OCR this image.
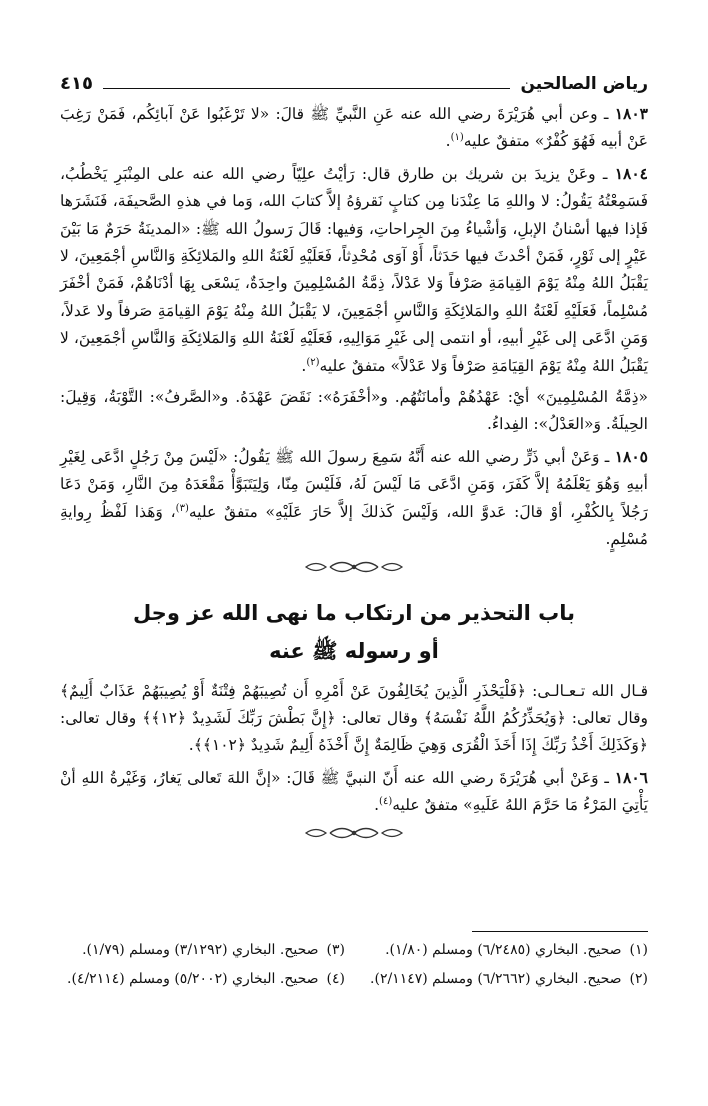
رياض الصالحين
٤١٥

١٨٠٣ ـ وعن أبي هُرَيْرَةَ رضي الله عنه عَنِ النَّبيِّ ﷺ قالَ: «لا تَرْغَبُوا عَنْ آبائِكُم، فَمَنْ رَغِبَ عَنْ أبيه فَهُوَ كُفْرٌ» متفقٌ عليه$^{(١)}$.

١٨٠٤ ـ وعَنْ يزيدَ بن شريك بن طارق قال: رَأيْتُ علِيّاً رضي الله عنه على المِنْبَرِ يَخْطُبُ، فَسَمِعْتُهُ يَقُولُ: لا واللهِ مَا عِنْدَنا مِن كتابٍ نَقرؤهُ إلاَّ كتابَ الله، وَما في هذهِ الصَّحيفَة، فَنَشَرَها فَإذا فيها أسْنانُ الإبلِ، وَأشْياءُ مِنَ الجِراحاتِ، وَفيها: قَالَ رَسولُ الله ﷺ: «المدينَةُ حَرَمٌ مَا بَيْنَ عَيْرٍ إلى ثَوْرٍ، فَمَنْ أحْدثَ فيها حَدَثاً، أَوْ آوَى مُحْدِثاً، فَعَلَيْهِ لَعْنَةُ اللهِ والمَلائِكَةِ وَالنَّاسِ أجْمَعِينَ، لا يَقْبَلُ اللهُ مِنْهُ يَوْمَ القِيامَةِ صَرْفاً وَلا عَدْلاً، ذِمَّةُ المُسْلِمِينَ واحِدَةٌ، يَسْعَى بِهَا أدْنَاهُمْ، فَمَنْ أخْفَرَ مُسْلِماً، فَعَلَيْهِ لَعْنَةُ اللهِ والمَلائِكَةِ وَالنَّاسِ أجْمَعِينَ، لا يَقْبَلُ اللهُ مِنْهُ يَوْمَ القِيامَةِ صَرفاً ولا عَدلاً، وَمَنِ ادَّعَى إلى غَيْرِ أبيهِ، أو انتمى إلى غَيْرِ مَوَالِيهِ، فَعَلَيْهِ لَعْنَةُ اللهِ وَالمَلائِكَةِ وَالنَّاسِ أجْمَعِينَ، لا يَقْبَلُ اللهُ مِنْهُ يَوْمَ القِيَامَةِ صَرْفاً وَلا عَدْلاً» متفقٌ عليه$^{(٢)}$.

«ذِمَّةُ المُسْلِمِينَ» أيْ: عَهْدُهُمْ وأمانَتُهُم. و«أخْفَرَهُ»: نَقَضَ عَهْدَهُ. و«الصَّرفُ»: التَّوْبَةُ، وَقِيلَ: الحِيلَةُ. وَ«العَدْلُ»: الفِداءُ.

١٨٠٥ ـ وَعَنْ أبي ذَرٍّ رضي الله عنه أَنَّهُ سَمِعَ رسولَ الله ﷺ يَقُولُ: «لَيْسَ مِنْ رَجُلٍ ادَّعَى لِغَيْرِ أبيهِ وَهُوَ يَعْلَمُهُ إلاَّ كَفَرَ، وَمَنِ ادَّعَى مَا لَيْسَ لَهُ، فَلَيْسَ مِنّا، وَلِيَتَبَوَّأْ مَقْعَدَهُ مِنَ النَّارِ، وَمَنْ دَعَا رَجُلاً بِالكُفْرِ، أوْ قالَ: عَدوَّ الله، وَلَيْسَ كَذلكَ إلاَّ حَارَ عَلَيْهِ» متفقٌ عليه$^{(٣)}$، وَهَذا لَفْظُ رِوايةِ مُسْلِمٍ.

باب التحذير من ارتكاب ما نهى الله عز وجل
أو رسوله ﷺ عنه

قـال الله تـعـالـى: ﴿فَلْيَحْذَرِ الَّذِينَ يُخَالِفُونَ عَنْ أَمْرِهِ أَن تُصِيبَهُمْ فِتْنَةٌ أَوْ يُصِيبَهُمْ عَذَابٌ أَلِيمٌ﴾ وقال تعالى: ﴿وَيُحَذِّرُكُمُ اللَّهُ نَفْسَهُ﴾ وقال تعالى: ﴿إِنَّ بَطْشَ رَبِّكَ لَشَدِيدٌ ﴿١٢﴾﴾ وقال تعالى: ﴿وَكَذَلِكَ أَخْذُ رَبِّكَ إِذَا أَخَذَ الْقُرَى وَهِيَ ظَالِمَةٌ إِنَّ أَخْذَهُ أَلِيمٌ شَدِيدٌ ﴿١٠٢﴾﴾.

١٨٠٦ ـ وَعَنْ أبي هُرَيْرَةَ رضي الله عنه أَنّ النبيَّ ﷺ قَالَ: «إنَّ اللهَ تَعالى يَغارُ، وَغَيْرةُ اللهِ أنْ يَأْتِيَ المَرْءُ مَا حَرَّمَ اللهُ عَلَيهِ» متفقٌ عليه$^{(٤)}$.

(١)
صحيح. البخاري (٦/٢٤٨٥) ومسلم (١/٨٠).
(٣)
صحيح. البخاري (٣/١٢٩٢) ومسلم (١/٧٩).
(٢)
صحيح. البخاري (٦/٢٦٦٢) ومسلم (٢/١١٤٧).
(٤)
صحيح. البخاري (٥/٢٠٠٢) ومسلم (٤/٢١١٤).
